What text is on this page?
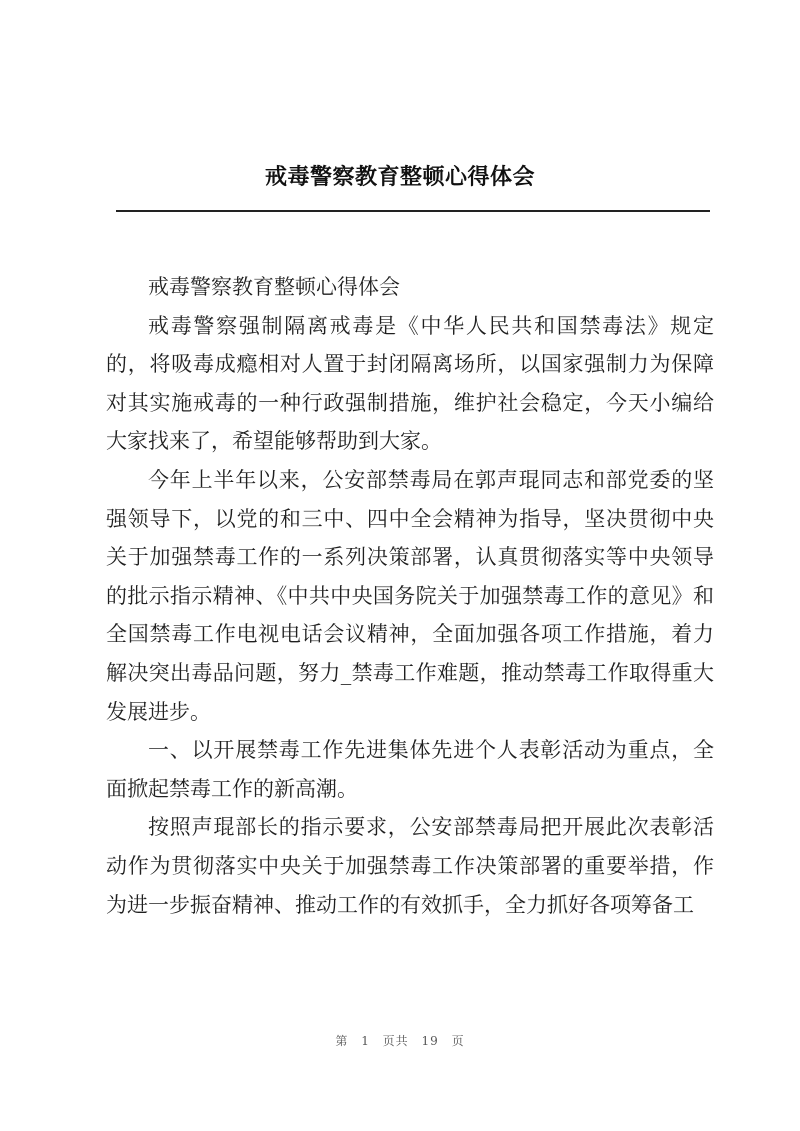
戒毒警察教育整顿心得体会

戒毒警察教育整顿心得体会

戒毒警察强制隔离戒毒是《中华人民共和国禁毒法》规定的，将吸毒成瘾相对人置于封闭隔离场所，以国家强制力为保障对其实施戒毒的一种行政强制措施，维护社会稳定，今天小编给大家找来了，希望能够帮助到大家。

今年上半年以来，公安部禁毒局在郭声琨同志和部党委的坚强领导下，以党的和三中、四中全会精神为指导，坚决贯彻中央关于加强禁毒工作的一系列决策部署，认真贯彻落实等中央领导的批示指示精神、《中共中央国务院关于加强禁毒工作的意见》和全国禁毒工作电视电话会议精神，全面加强各项工作措施，着力解决突出毒品问题，努力_禁毒工作难题，推动禁毒工作取得重大发展进步。

一、以开展禁毒工作先进集体先进个人表彰活动为重点，全面掀起禁毒工作的新高潮。

按照声琨部长的指示要求，公安部禁毒局把开展此次表彰活动作为贯彻落实中央关于加强禁毒工作决策部署的重要举措，作为进一步振奋精神、推动工作的有效抓手，全力抓好各项筹备工

第 1 页共 19 页
